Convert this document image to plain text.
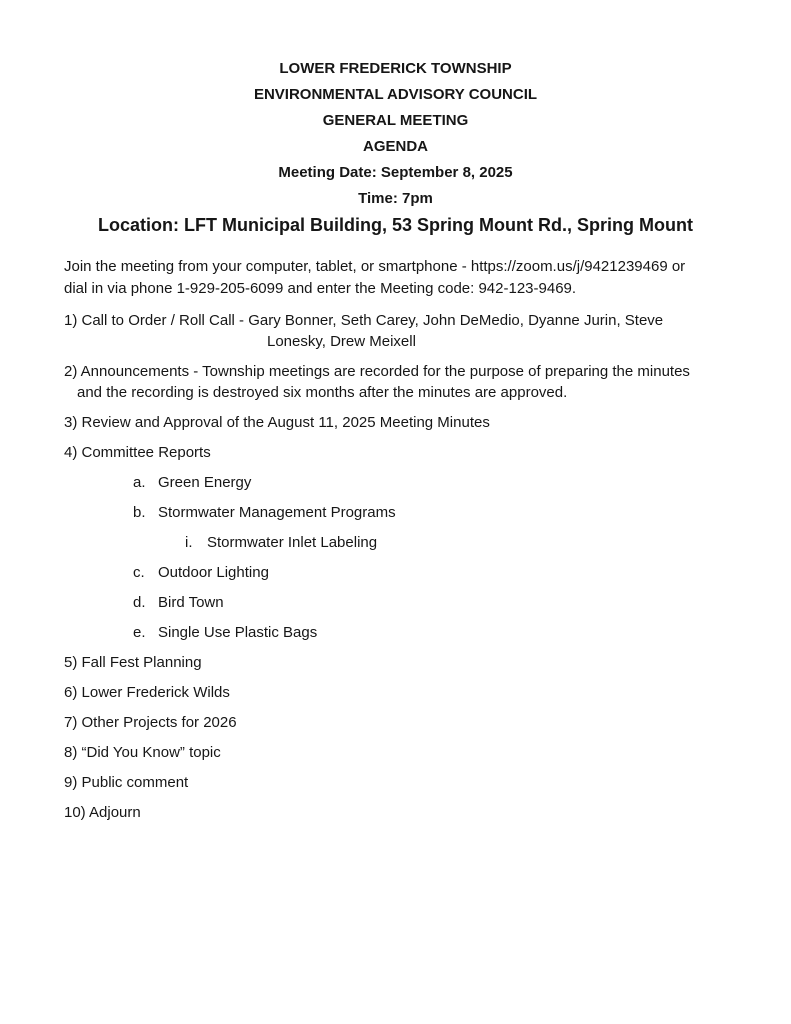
LOWER FREDERICK TOWNSHIP
ENVIRONMENTAL ADVISORY COUNCIL
GENERAL MEETING
AGENDA
Meeting Date: September 8, 2025
Time: 7pm
Location: LFT Municipal Building, 53 Spring Mount Rd., Spring Mount
Join the meeting from your computer, tablet, or smartphone - https://zoom.us/j/9421239469 or
dial in via phone 1-929-205-6099 and enter the Meeting code: 942-123-9469.
1) Call to Order / Roll Call - Gary Bonner, Seth Carey, John DeMedio, Dyanne Jurin, Steve
Lonesky, Drew Meixell
2) Announcements - Township meetings are recorded for the purpose of preparing the minutes
and the recording is destroyed six months after the minutes are approved.
3) Review and Approval of the August 11, 2025 Meeting Minutes
4) Committee Reports
a. Green Energy
b. Stormwater Management Programs
i. Stormwater Inlet Labeling
c. Outdoor Lighting
d. Bird Town
e. Single Use Plastic Bags
5) Fall Fest Planning
6) Lower Frederick Wilds
7) Other Projects for 2026
8) “Did You Know” topic
9) Public comment
10) Adjourn
